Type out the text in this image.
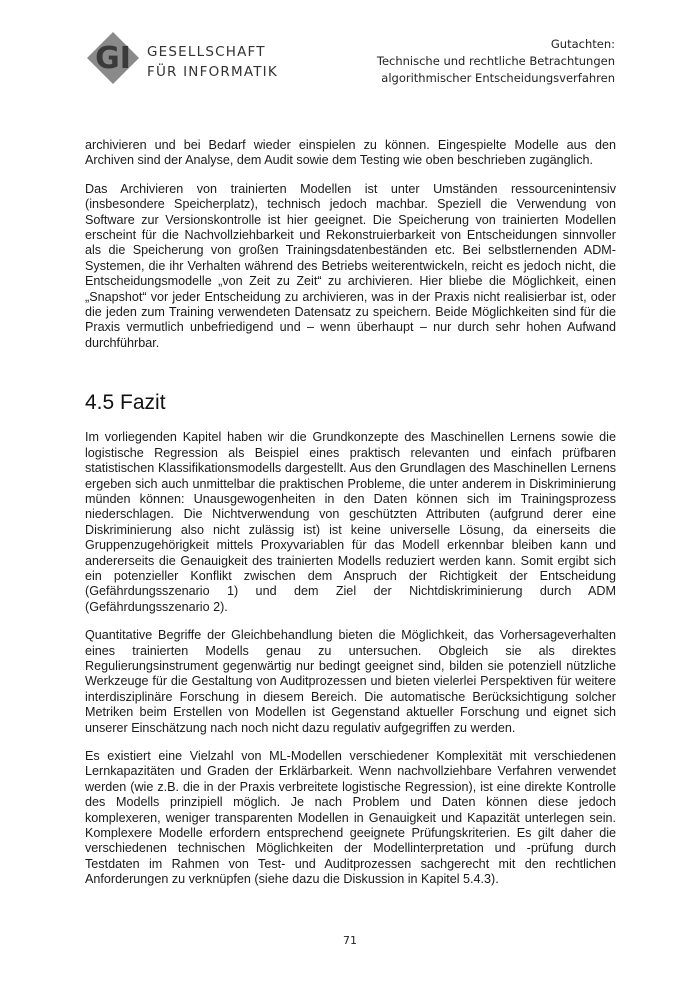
GI GESELLSCHAFT
FÜR INFORMATIK
Gutachten:
Technische und rechtliche Betrachtungen
algorithmischer Entscheidungsverfahren

archivieren und bei Bedarf wieder einspielen zu können. Eingespielte Modelle aus den Archiven sind der Analyse, dem Audit sowie dem Testing wie oben beschrieben zugänglich.

Das Archivieren von trainierten Modellen ist unter Umständen ressourcenintensiv (insbesondere Speicherplatz), technisch jedoch machbar. Speziell die Verwendung von Software zur Versionskontrolle ist hier geeignet. Die Speicherung von trainierten Modellen erscheint für die Nachvollziehbarkeit und Rekonstruierbarkeit von Entscheidungen sinnvoller als die Speicherung von großen Trainingsdatenbeständen etc. Bei selbstlernenden ADM-Systemen, die ihr Verhalten während des Betriebs weiterentwickeln, reicht es jedoch nicht, die Entscheidungsmodelle „von Zeit zu Zeit“ zu archivieren. Hier bliebe die Möglichkeit, einen „Snapshot“ vor jeder Entscheidung zu archivieren, was in der Praxis nicht realisierbar ist, oder die jeden zum Training verwendeten Datensatz zu speichern. Beide Möglichkeiten sind für die Praxis vermutlich unbefriedigend und – wenn überhaupt – nur durch sehr hohen Aufwand durchführbar.

4.5 Fazit

Im vorliegenden Kapitel haben wir die Grundkonzepte des Maschinellen Lernens sowie die logistische Regression als Beispiel eines praktisch relevanten und einfach prüfbaren statistischen Klassifikationsmodells dargestellt. Aus den Grundlagen des Maschinellen Lernens ergeben sich auch unmittelbar die praktischen Probleme, die unter anderem in Diskriminierung münden können: Unausgewogenheiten in den Daten können sich im Trainingsprozess niederschlagen. Die Nichtverwendung von geschützten Attributen (aufgrund derer eine Diskriminierung also nicht zulässig ist) ist keine universelle Lösung, da einerseits die Gruppenzugehörigkeit mittels Proxyvariablen für das Modell erkennbar bleiben kann und andererseits die Genauigkeit des trainierten Modells reduziert werden kann. Somit ergibt sich ein potenzieller Konflikt zwischen dem Anspruch der Richtigkeit der Entscheidung (Gefährdungsszenario 1) und dem Ziel der Nichtdiskriminierung durch ADM (Gefährdungsszenario 2).

Quantitative Begriffe der Gleichbehandlung bieten die Möglichkeit, das Vorhersageverhalten eines trainierten Modells genau zu untersuchen. Obgleich sie als direktes Regulierungsinstrument gegenwärtig nur bedingt geeignet sind, bilden sie potenziell nützliche Werkzeuge für die Gestaltung von Auditprozessen und bieten vielerlei Perspektiven für weitere interdisziplinäre Forschung in diesem Bereich. Die automatische Berücksichtigung solcher Metriken beim Erstellen von Modellen ist Gegenstand aktueller Forschung und eignet sich unserer Einschätzung nach noch nicht dazu regulativ aufgegriffen zu werden.

Es existiert eine Vielzahl von ML-Modellen verschiedener Komplexität mit verschiedenen Lernkapazitäten und Graden der Erklärbarkeit. Wenn nachvollziehbare Verfahren verwendet werden (wie z.B. die in der Praxis verbreitete logistische Regression), ist eine direkte Kontrolle des Modells prinzipiell möglich. Je nach Problem und Daten können diese jedoch komplexeren, weniger transparenten Modellen in Genauigkeit und Kapazität unterlegen sein. Komplexere Modelle erfordern entsprechend geeignete Prüfungskriterien. Es gilt daher die verschiedenen technischen Möglichkeiten der Modellinterpretation und -prüfung durch Testdaten im Rahmen von Test- und Auditprozessen sachgerecht mit den rechtlichen Anforderungen zu verknüpfen (siehe dazu die Diskussion in Kapitel 5.4.3).

71
